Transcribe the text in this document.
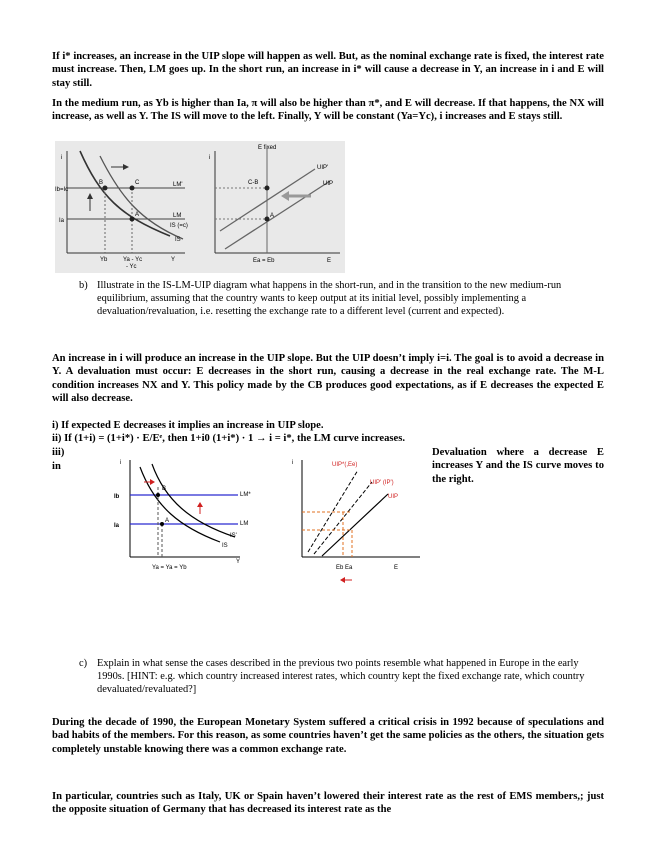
If i* increases, an increase in the UIP slope will happen as well. But, as the nominal exchange rate is fixed, the interest rate must increase. Then, LM goes up. In the short run, an increase in i* will cause a decrease in Y, an increase in i and E will stay still.
In the medium run, as Yb is higher than Ia, π will also be higher than π*, and E will decrease. If that happens, the NX will increase, as well as Y. The IS will move to the left. Finally, Y will be constant (Ya=Yc), i increases and E stays still.
i
Ib=Ic
Ia
B	C
A
LM'
LM
IS (=c)
IS
Yb	Ya - Yc
- Yc
Y
i
E fixed
UIP'
UIP
C-B
A
Ea = Eb	E
b) Illustrate in the IS-LM-UIP diagram what happens in the short-run, and in the transition to the new medium-run equilibrium, assuming that the country wants to keep output at its initial level, possibly implementing a devaluation/revaluation, i.e. resetting the exchange rate to a different level (current and expected).
An increase in i will produce an increase in the UIP slope. But the UIP doesn’t imply i=i. The goal is to avoid a decrease in Y. A devaluation must occur: E decreases in the short run, causing a decrease in the real exchange rate. The M-L condition increases NX and Y. This policy made by the CB produces good expectations, as if E decreases the expected E will also decrease.
i) If expected E decreases it implies an increase in UIP slope.
ii) If (1+i) = (1+i*) · E/Eᵉ, then 1+i0 (1+i*) · 1 → i = i*, the LM curve increases.
iii)
in
Devaluation where a decrease E increases Y and the IS curve moves to the right.
i
Ib
Ia
B
A
LM*
LM
IS'
IS
Ya = Ya = Yb
Y
i	UIP*(,Ee)
UIP' (IP')
UIP
Eb Ea	E
c) Explain in what sense the cases described in the previous two points resemble what happened in Europe in the early 1990s. [HINT: e.g. which country increased interest rates, which country kept the fixed exchange rate, which country devaluated/revaluated?]
During the decade of 1990, the European Monetary System suffered a critical crisis in 1992 because of speculations and bad habits of the members. For this reason, as some countries haven’t get the same policies as the others, the situation gets completely unstable knowing there was a common exchange rate.
In particular, countries such as Italy, UK or Spain haven’t lowered their interest rate as the rest of EMS members,; just the opposite situation of Germany that has decreased its interest rate as the
